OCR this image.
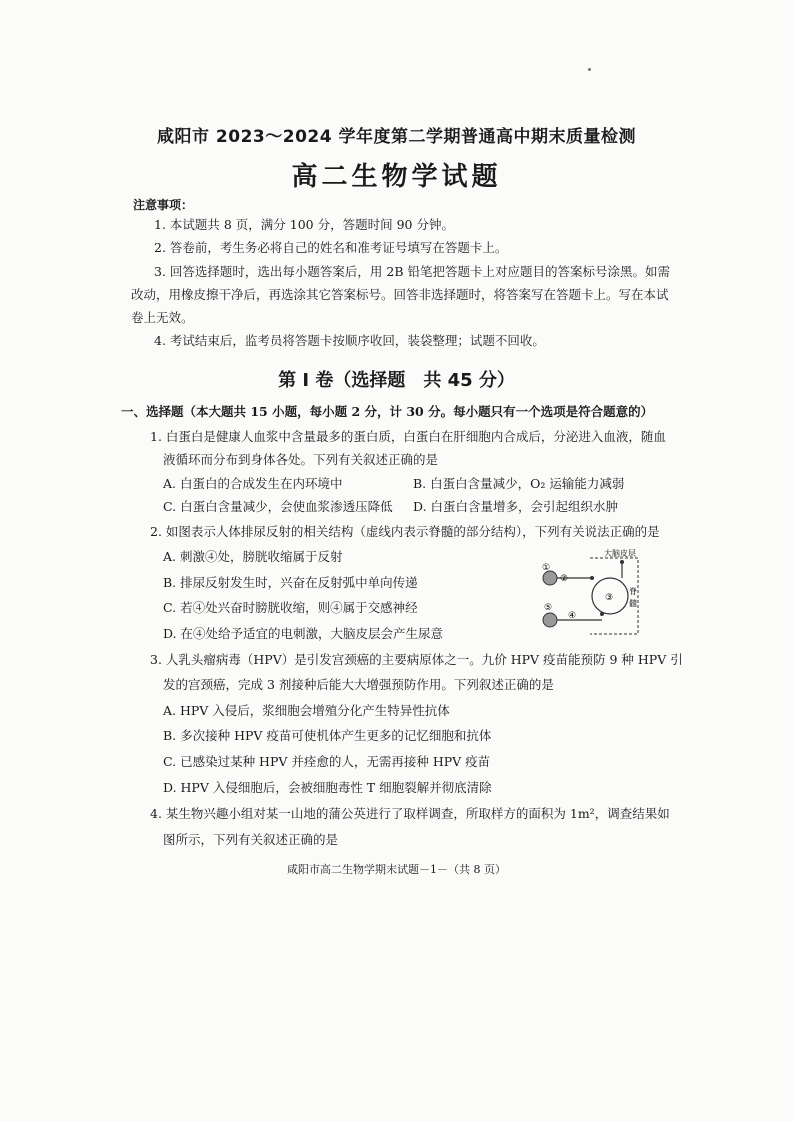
咸阳市 2023～2024 学年度第二学期普通高中期末质量检测
高二生物学试题
注意事项：
1. 本试题共 8 页，满分 100 分，答题时间 90 分钟。
2. 答卷前，考生务必将自己的姓名和准考证号填写在答题卡上。
3. 回答选择题时，选出每小题答案后，用 2B 铅笔把答题卡上对应题目的答案标号涂黑。如需
改动，用橡皮擦干净后，再选涂其它答案标号。回答非选择题时，将答案写在答题卡上。写在本试
卷上无效。
4. 考试结束后，监考员将答题卡按顺序收回，装袋整理；试题不回收。
第 Ⅰ 卷（选择题　共 45 分）
一、选择题（本大题共 15 小题，每小题 2 分，计 30 分。每小题只有一个选项是符合题意的）
1. 白蛋白是健康人血浆中含量最多的蛋白质，白蛋白在肝细胞内合成后，分泌进入血液，随血
液循环而分布到身体各处。下列有关叙述正确的是
A. 白蛋白的合成发生在内环境中	B. 白蛋白含量减少，O₂ 运输能力减弱
C. 白蛋白含量减少，会使血浆渗透压降低 D. 白蛋白含量增多，会引起组织水肿
2. 如图表示人体排尿反射的相关结构（虚线内表示脊髓的部分结构），下列有关说法正确的是
A. 刺激④处，膀胱收缩属于反射
B. 排尿反射发生时，兴奋在反射弧中单向传递
C. 若④处兴奋时膀胱收缩，则④属于交感神经
D. 在④处给予适宜的电刺激，大脑皮层会产生尿意
大脑皮层
①
②
③
④
⑤
脊
髓
3. 人乳头瘤病毒（HPV）是引发宫颈癌的主要病原体之一。九价 HPV 疫苗能预防 9 种 HPV 引
发的宫颈癌，完成 3 剂接种后能大大增强预防作用。下列叙述正确的是
A. HPV 入侵后，浆细胞会增殖分化产生特异性抗体
B. 多次接种 HPV 疫苗可使机体产生更多的记忆细胞和抗体
C. 已感染过某种 HPV 并痊愈的人，无需再接种 HPV 疫苗
D. HPV 入侵细胞后，会被细胞毒性 T 细胞裂解并彻底清除
4. 某生物兴趣小组对某一山地的蒲公英进行了取样调查，所取样方的面积为 1m²，调查结果如
图所示，下列有关叙述正确的是
咸阳市高二生物学期末试题－1－（共 8 页）
